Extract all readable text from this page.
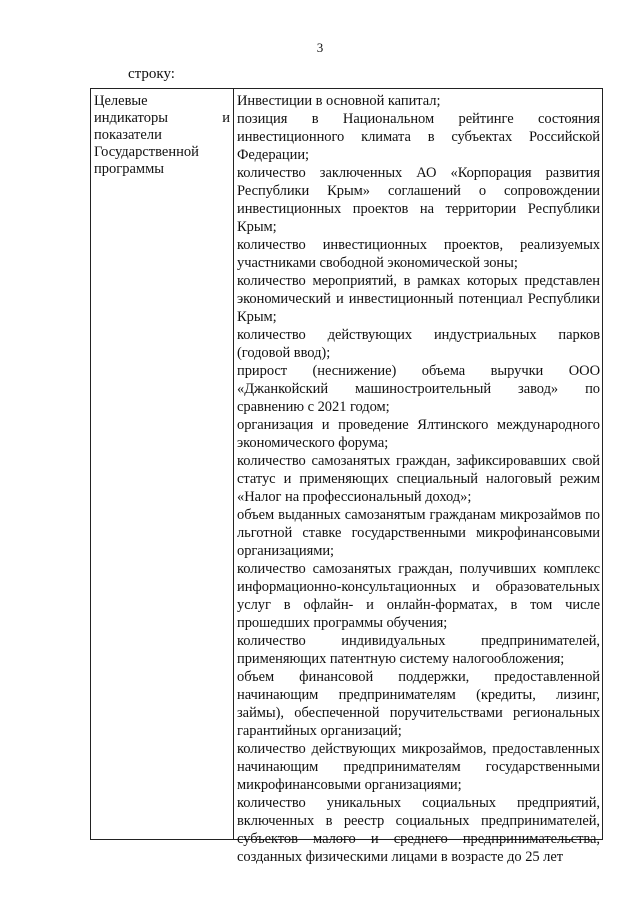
3
строку:
Целевые
индикаторы	и
показатели
Государственной
программы
Инвестиции в основной капитал;
позиция в Национальном рейтинге состояния инвестиционного климата в субъектах Российской Федерации;
количество заключенных АО «Корпорация развития Республики Крым» соглашений о сопровождении инвестиционных проектов на территории Республики Крым;
количество инвестиционных проектов, реализуемых участниками свободной экономической зоны;
количество мероприятий, в рамках которых представлен экономический и инвестиционный потенциал Республики Крым;
количество действующих индустриальных парков (годовой ввод);
прирост (неснижение) объема выручки ООО «Джанкойский машиностроительный завод» по сравнению с 2021 годом;
организация и проведение Ялтинского международного экономического форума;
количество самозанятых граждан, зафиксировавших свой статус и применяющих специальный налоговый режим «Налог на профессиональный доход»;
объем выданных самозанятым гражданам микрозаймов по льготной ставке государственными микрофинансовыми организациями;
количество самозанятых граждан, получивших комплекс информационно-консультационных и образовательных услуг в офлайн- и онлайн-форматах, в том числе прошедших программы обучения;
количество индивидуальных предпринимателей, применяющих патентную систему налогообложения;
объем финансовой поддержки, предоставленной начинающим предпринимателям (кредиты, лизинг, займы), обеспеченной поручительствами региональных гарантийных организаций;
количество действующих микрозаймов, предоставленных начинающим предпринимателям государственными микрофинансовыми организациями;
количество уникальных социальных предприятий, включенных в реестр социальных предпринимателей, субъектов малого и среднего предпринимательства, созданных физическими лицами в возрасте до 25 лет
